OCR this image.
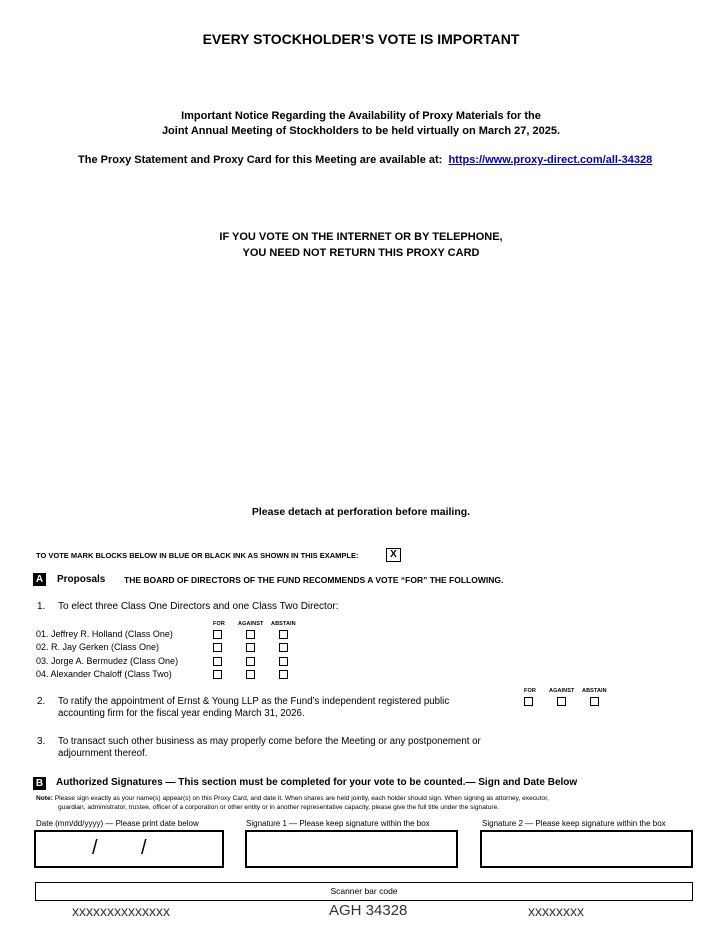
EVERY STOCKHOLDER’S VOTE IS IMPORTANT
Important Notice Regarding the Availability of Proxy Materials for the
Joint Annual Meeting of Stockholders to be held virtually on March 27, 2025.
The Proxy Statement and Proxy Card for this Meeting are available at: https://www.proxy-direct.com/all-34328
IF YOU VOTE ON THE INTERNET OR BY TELEPHONE,
YOU NEED NOT RETURN THIS PROXY CARD
Please detach at perforation before mailing.
TO VOTE MARK BLOCKS BELOW IN BLUE OR BLACK INK AS SHOWN IN THIS EXAMPLE:	X
A Proposals THE BOARD OF DIRECTORS OF THE FUND RECOMMENDS A VOTE “FOR” THE FOLLOWING.
1. To elect three Class One Directors and one Class Two Director:
FOR AGAINST ABSTAIN
01. Jeffrey R. Holland (Class One)
02. R. Jay Gerken (Class One)
03. Jorge A. Bermudez (Class One)
04. Alexander Chaloff (Class Two)
2. To ratify the appointment of Ernst & Young LLP as the Fund’s independent registered public
accounting firm for the fiscal year ending March 31, 2026.
FOR AGAINST ABSTAIN
3. To transact such other business as may properly come before the Meeting or any postponement or
adjournment thereof.
B Authorized Signatures — This section must be completed for your vote to be counted.— Sign and Date Below
Note: Please sign exactly as your name(s) appear(s) on this Proxy Card, and date it. When shares are held jointly, each holder should sign. When signing as attorney, executor,
guardian, administrator, trustee, officer of a corporation or other entity or in another representative capacity, please give the full title under the signature.
Date (mm/dd/yyyy) — Please print date below
/ /
Signature 1 — Please keep signature within the box	Signature 2 — Please keep signature within the box
Scanner bar code
xxxxxxxxxxxxxx	AGH 34328	xxxxxxxx
